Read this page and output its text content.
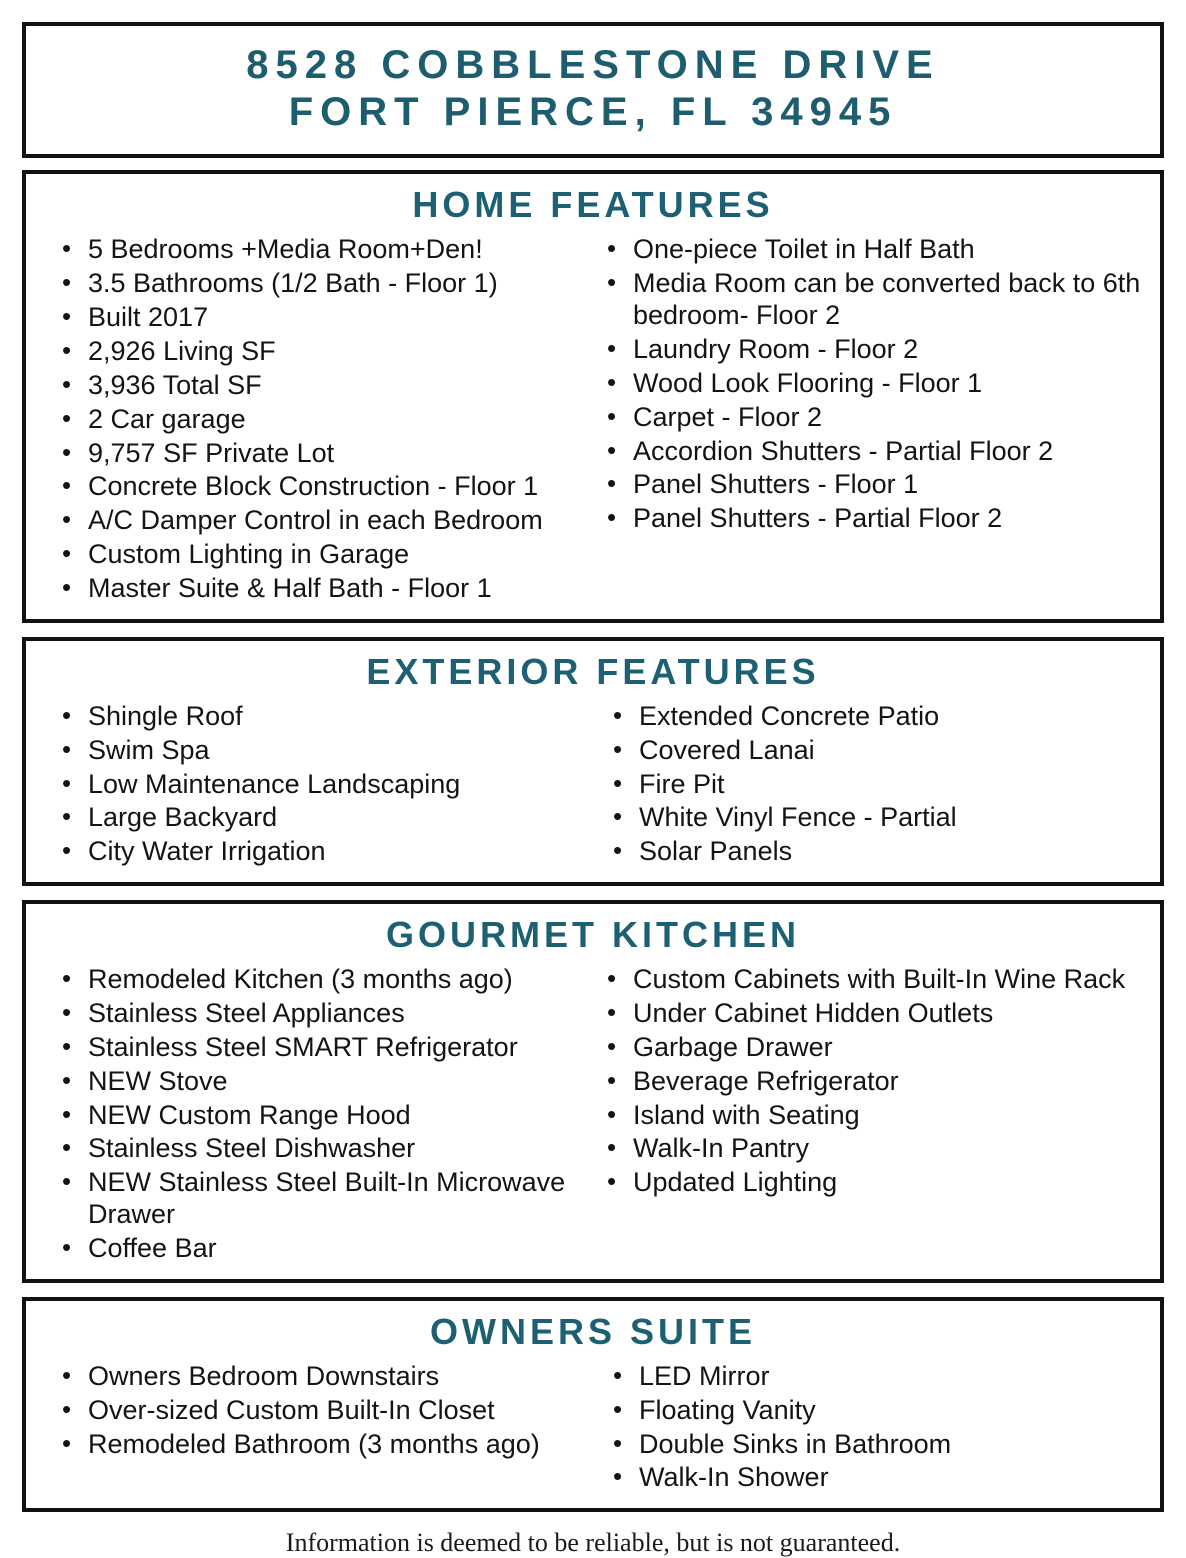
8528 COBBLESTONE DRIVE
FORT PIERCE, FL 34945
HOME FEATURES
• 5 Bedrooms +Media Room+Den!
• 3.5 Bathrooms (1/2 Bath - Floor 1)
• Built 2017
• 2,926 Living SF
• 3,936 Total SF
• 2 Car garage
• 9,757 SF Private Lot
• Concrete Block Construction - Floor 1
• A/C Damper Control in each Bedroom
• Custom Lighting in Garage
• Master Suite & Half Bath - Floor 1
• One-piece Toilet in Half Bath
• Media Room can be converted back to 6th bedroom- Floor 2
• Laundry Room - Floor 2
• Wood Look Flooring - Floor 1
• Carpet - Floor 2
• Accordion Shutters - Partial Floor 2
• Panel Shutters - Floor 1
• Panel Shutters - Partial Floor 2
EXTERIOR FEATURES
• Shingle Roof
• Swim Spa
• Low Maintenance Landscaping
• Large Backyard
• City Water Irrigation
• Extended Concrete Patio
• Covered Lanai
• Fire Pit
• White Vinyl Fence - Partial
• Solar Panels
GOURMET KITCHEN
• Remodeled Kitchen (3 months ago)
• Stainless Steel Appliances
• Stainless Steel SMART Refrigerator
• NEW Stove
• NEW Custom Range Hood
• Stainless Steel Dishwasher
• NEW Stainless Steel Built-In Microwave Drawer
• Coffee Bar
• Custom Cabinets with Built-In Wine Rack
• Under Cabinet Hidden Outlets
• Garbage Drawer
• Beverage Refrigerator
• Island with Seating
• Walk-In Pantry
• Updated Lighting
OWNERS SUITE
• Owners Bedroom Downstairs
• Over-sized Custom Built-In Closet
• Remodeled Bathroom (3 months ago)
• LED Mirror
• Floating Vanity
• Double Sinks in Bathroom
• Walk-In Shower
Information is deemed to be reliable, but is not guaranteed.
